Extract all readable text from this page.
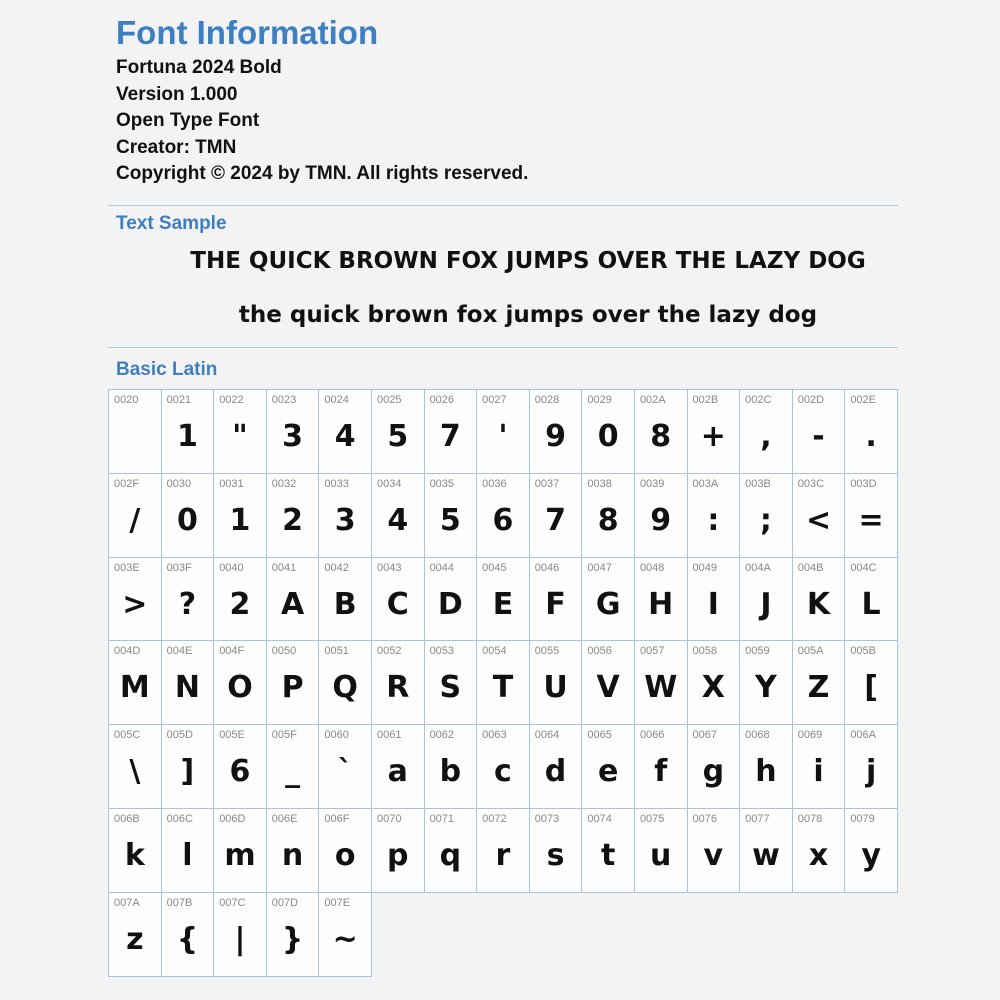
Font Information
Fortuna 2024 Bold
Version 1.000
Open Type Font
Creator: TMN
Copyright © 2024 by TMN. All rights reserved.
Text Sample
THE QUICK BROWN FOX JUMPS OVER THE LAZY DOG
the quick brown fox jumps over the lazy dog
Basic Latin
0020	0021
1
0022
"
0023
3
0024
4
0025
5
0026
7
0027
'
0028
9
0029
0
002A
8
002B
+
002C
,
002D
-
002E
.
002F
/
0030
0
0031
1
0032
2
0033
3
0034
4
0035
5
0036
6
0037
7
0038
8
0039
9
003A
:
003B
;
003C
<
003D
=
003E
>
003F
?
0040
2
0041
A
0042
B
0043
C
0044
D
0045
E
0046
F
0047
G
0048
H
0049
I
004A
J
004B
K
004C
L
004D
M
004E
N
004F
O
0050
P
0051
Q
0052
R
0053
S
0054
T
0055
U
0056
V
0057
W
0058
X
0059
Y
005A
Z
005B
[
005C
\
005D
]
005E
6
005F
_
0060
`
0061
a
0062
b
0063
c
0064
d
0065
e
0066
f
0067
g
0068
h
0069
i
006A
j
006B
k
006C
l
006D
m
006E
n
006F
o
0070
p
0071
q
0072
r
0073
s
0074
t
0075
u
0076
v
0077
w
0078
x
0079
y
007A
z
007B
{
007C
|
007D
}
007E
~
